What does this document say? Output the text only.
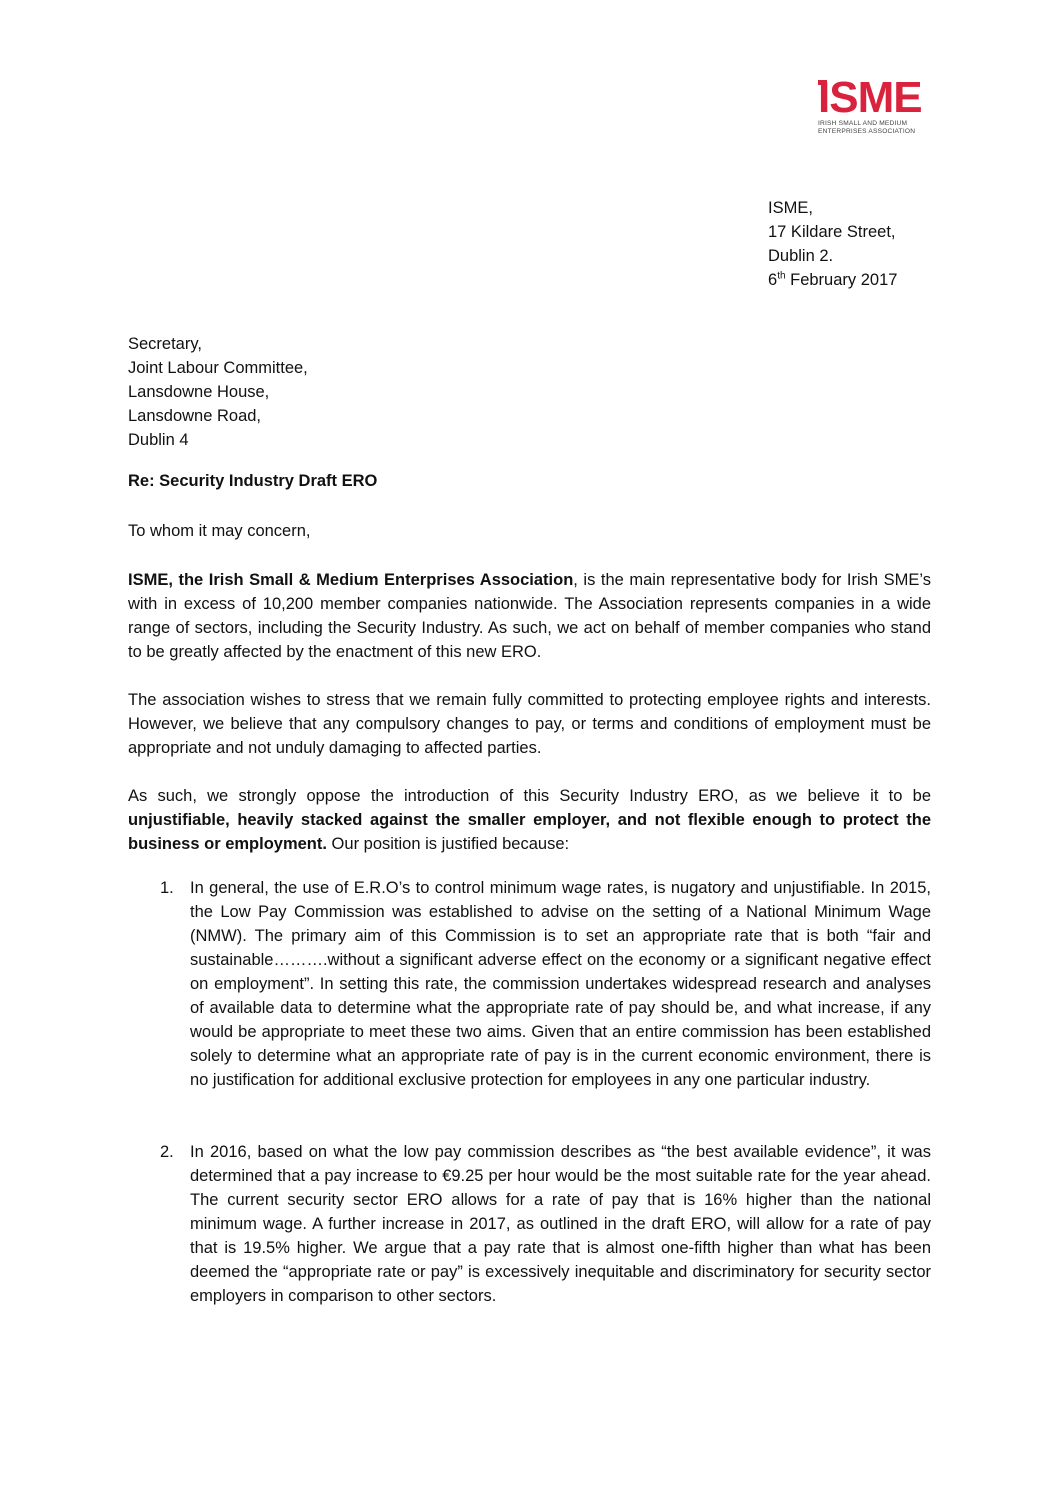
ISME
IRISH SMALL AND MEDIUM ENTERPRISES ASSOCIATION
ISME,
17 Kildare Street,
Dublin 2.
6th February 2017
Secretary,
Joint Labour Committee,
Lansdowne House,
Lansdowne Road,
Dublin 4
Re: Security Industry Draft ERO
To whom it may concern,
ISME, the Irish Small & Medium Enterprises Association, is the main representative body for Irish SME’s with in excess of 10,200 member companies nationwide. The Association represents companies in a wide range of sectors, including the Security Industry. As such, we act on behalf of member companies who stand to be greatly affected by the enactment of this new ERO.
The association wishes to stress that we remain fully committed to protecting employee rights and interests. However, we believe that any compulsory changes to pay, or terms and conditions of employment must be appropriate and not unduly damaging to affected parties.
As such, we strongly oppose the introduction of this Security Industry ERO, as we believe it to be unjustifiable, heavily stacked against the smaller employer, and not flexible enough to protect the business or employment. Our position is justified because:
1. In general, the use of E.R.O’s to control minimum wage rates, is nugatory and unjustifiable. In 2015, the Low Pay Commission was established to advise on the setting of a National Minimum Wage (NMW). The primary aim of this Commission is to set an appropriate rate that is both “fair and sustainable……….without a significant adverse effect on the economy or a significant negative effect on employment”. In setting this rate, the commission undertakes widespread research and analyses of available data to determine what the appropriate rate of pay should be, and what increase, if any would be appropriate to meet these two aims. Given that an entire commission has been established solely to determine what an appropriate rate of pay is in the current economic environment, there is no justification for additional exclusive protection for employees in any one particular industry.
2. In 2016, based on what the low pay commission describes as “the best available evidence”, it was determined that a pay increase to €9.25 per hour would be the most suitable rate for the year ahead. The current security sector ERO allows for a rate of pay that is 16% higher than the national minimum wage. A further increase in 2017, as outlined in the draft ERO, will allow for a rate of pay that is 19.5% higher. We argue that a pay rate that is almost one-fifth higher than what has been deemed the “appropriate rate or pay” is excessively inequitable and discriminatory for security sector employers in comparison to other sectors.
